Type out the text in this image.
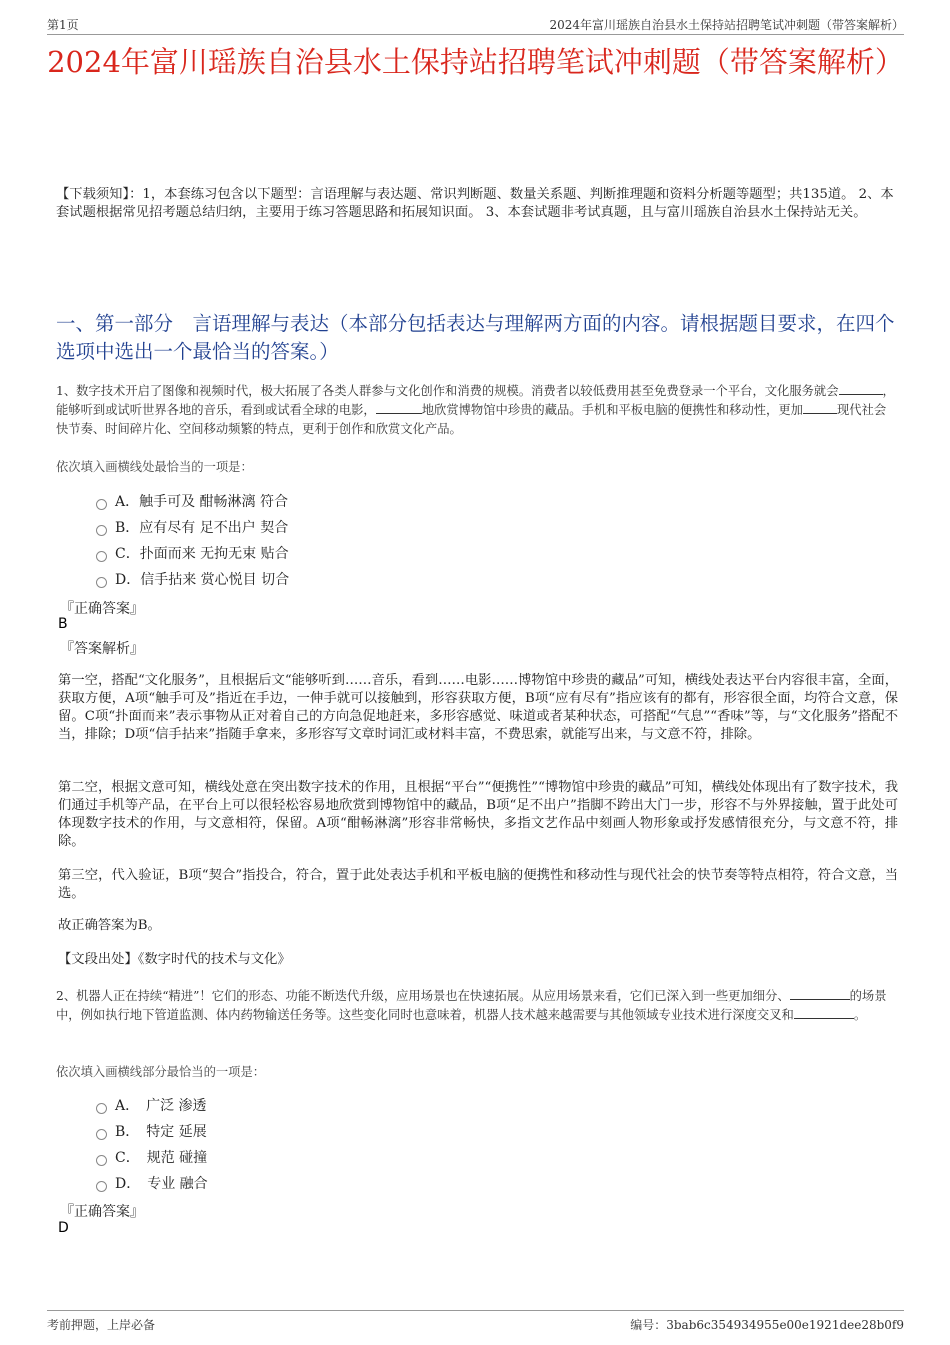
第1页	2024年富川瑶族自治县水土保持站招聘笔试冲刺题（带答案解析）
2024年富川瑶族自治县水土保持站招聘笔试冲刺题（带答案解析）
【下载须知】：1，本套练习包含以下题型：言语理解与表达题、常识判断题、数量关系题、判断推理题和资料分析题等题型；共135道。 2、本套试题根据常见招考题总结归纳，主要用于练习答题思路和拓展知识面。 3、本套试题非考试真题，且与富川瑶族自治县水土保持站无关。
一、第一部分　言语理解与表达（本部分包括表达与理解两方面的内容。请根据题目要求，在四个选项中选出一个最恰当的答案。）
1、数字技术开启了图像和视频时代，极大拓展了各类人群参与文化创作和消费的规模。消费者以较低费用甚至免费登录一个平台，文化服务就会	，能够听到或试听世界各地的音乐，看到或试看全球的电影，	地欣赏博物馆中珍贵的藏品。手机和平板电脑的便携性和移动性，更加	现代社会快节奏、时间碎片化、空间移动频繁的特点，更利于创作和欣赏文化产品。
依次填入画横线处最恰当的一项是：
A．触手可及 酣畅淋漓 符合
B．应有尽有 足不出户 契合
C．扑面而来 无拘无束 贴合
D．信手拈来 赏心悦目 切合
『正确答案』
B
『答案解析』
第一空，搭配“文化服务”，且根据后文“能够听到……音乐，看到……电影……博物馆中珍贵的藏品”可知，横线处表达平台内容很丰富，全面，获取方便，A项“触手可及”指近在手边，一伸手就可以接触到，形容获取方便，B项“应有尽有”指应该有的都有，形容很全面，均符合文意，保留。C项“扑面而来”表示事物从正对着自己的方向急促地赶来，多形容感觉、味道或者某种状态，可搭配“气息”“香味”等，与“文化服务”搭配不当，排除；D项“信手拈来”指随手拿来，多形容写文章时词汇或材料丰富，不费思索，就能写出来，与文意不符，排除。
第二空，根据文意可知，横线处意在突出数字技术的作用，且根据“平台”“便携性”“博物馆中珍贵的藏品”可知，横线处体现出有了数字技术，我们通过手机等产品，在平台上可以很轻松容易地欣赏到博物馆中的藏品，B项“足不出户”指脚不跨出大门一步，形容不与外界接触，置于此处可体现数字技术的作用，与文意相符，保留。A项“酣畅淋漓”形容非常畅快，多指文艺作品中刻画人物形象或抒发感情很充分，与文意不符，排除。
第三空，代入验证，B项“契合”指投合，符合，置于此处表达手机和平板电脑的便携性和移动性与现代社会的快节奏等特点相符，符合文意，当选。
故正确答案为B。
【文段出处】《数字时代的技术与文化》
2、机器人正在持续“精进”！它们的形态、功能不断迭代升级，应用场景也在快速拓展。从应用场景来看，它们已深入到一些更加细分、	的场景中，例如执行地下管道监测、体内药物输送任务等。这些变化同时也意味着，机器人技术越来越需要与其他领域专业技术进行深度交叉和	。
依次填入画横线部分最恰当的一项是：
A．　广泛 渗透
B．　特定 延展
C．　规范 碰撞
D．　专业 融合
『正确答案』
D
考前押题，上岸必备	编号：3bab6c354934955e00e1921dee28b0f9
